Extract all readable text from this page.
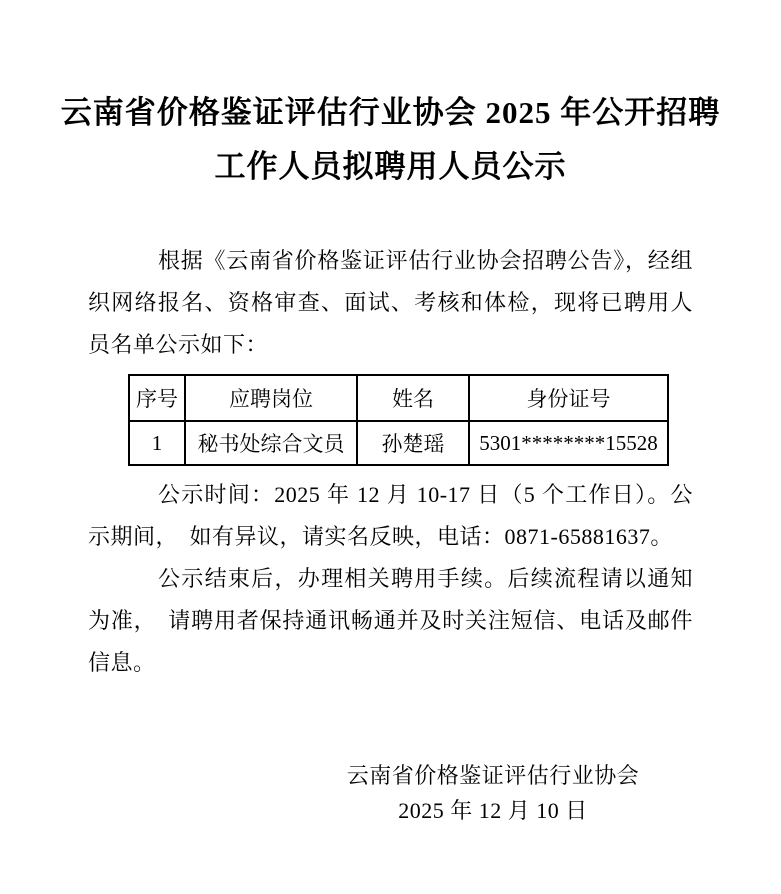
云南省价格鉴证评估行业协会 2025 年公开招聘
工作人员拟聘用人员公示

根据《云南省价格鉴证评估行业协会招聘公告》，经组织网络报名、资格审查、面试、考核和体检，现将已聘用人员名单公示如下：

序号	应聘岗位	姓名	身份证号
1	秘书处综合文员	孙楚瑶	5301********15528

公示时间：2025 年 12 月 10-17 日（5 个工作日）。公示期间，　如有异议，请实名反映，电话：0871-65881637。

公示结束后，办理相关聘用手续。后续流程请以通知为准，　请聘用者保持通讯畅通并及时关注短信、电话及邮件信息。

云南省价格鉴证评估行业协会
2025 年 12 月 10 日
